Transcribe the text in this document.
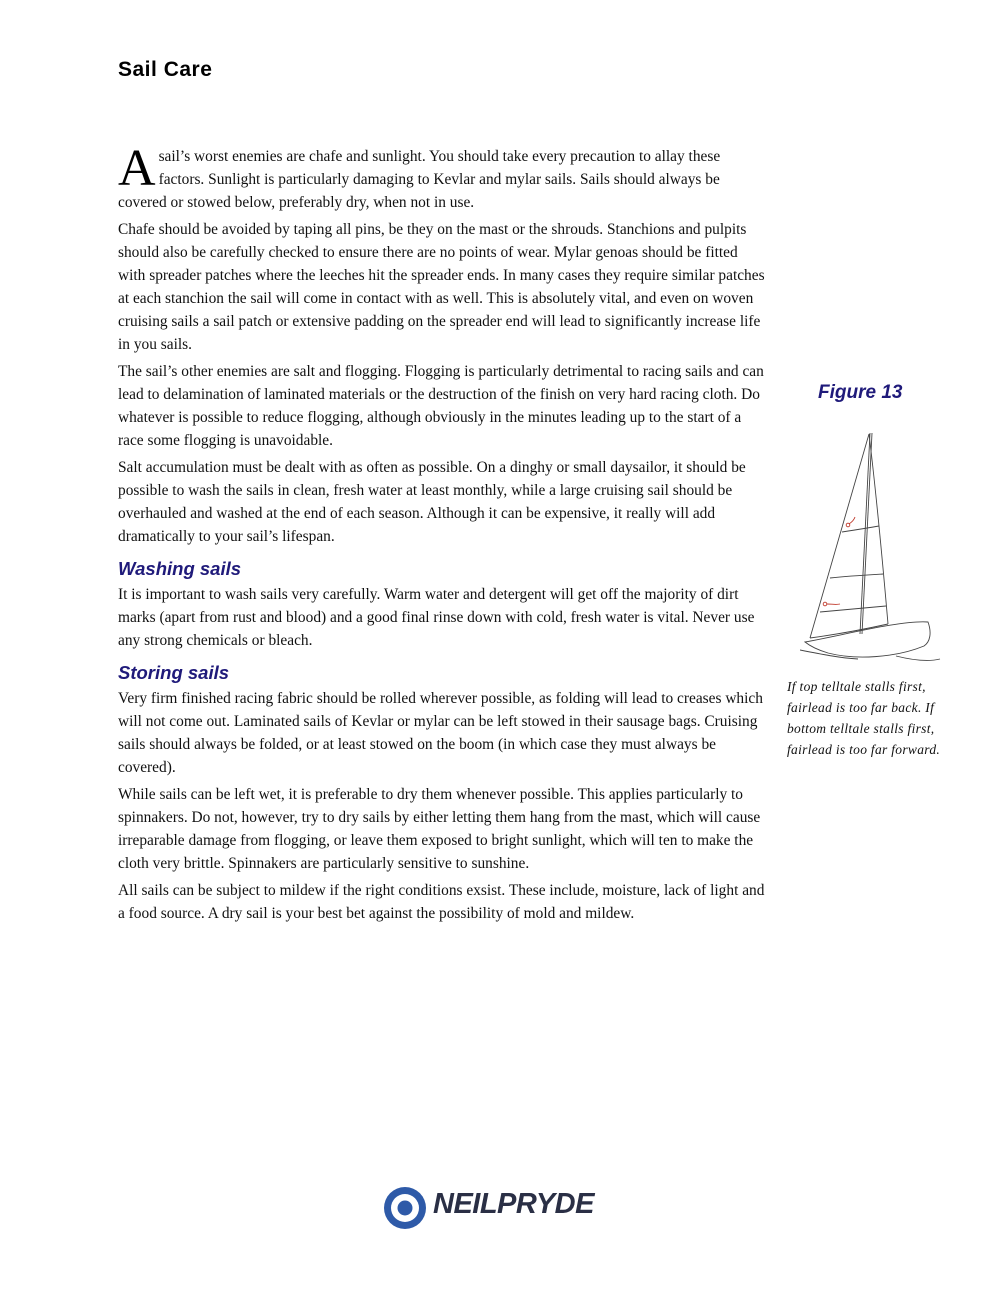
Sail Care

Asail’s worst enemies are chafe and sunlight. You should take every precaution to allay these factors. Sunlight is particularly damaging to Kevlar and mylar sails. Sails should always be covered or stowed below, preferably dry, when not in use.

Chafe should be avoided by taping all pins, be they on the mast or the shrouds. Stanchions and pulpits should also be carefully checked to ensure there are no points of wear. Mylar genoas should be fitted with spreader patches where the leeches hit the spreader ends. In many cases they require similar patches at each stanchion the sail will come in contact with as well. This is absolutely vital, and even on woven cruising sails a sail patch or extensive padding on the spreader end will lead to significantly increase life in you sails.

The sail’s other enemies are salt and flogging. Flogging is particularly detrimental to racing sails and can lead to delamination of laminated materials or the destruction of the finish on very hard racing cloth. Do whatever is possible to reduce flogging, although obviously in the minutes leading up to the start of a race some flogging is unavoidable.

Salt accumulation must be dealt with as often as possible. On a dinghy or small daysailor, it should be possible to wash the sails in clean, fresh water at least monthly, while a large cruising sail should be overhauled and washed at the end of each season. Although it can be expensive, it really will add dramatically to your sail’s lifespan.

Washing sails

It is important to wash sails very carefully. Warm water and detergent will get off the majority of dirt marks (apart from rust and blood) and a good final rinse down with cold, fresh water is vital. Never use any strong chemicals or bleach.

Storing sails

Very firm finished racing fabric should be rolled wherever possible, as folding will lead to creases which will not come out. Laminated sails of Kevlar or mylar can be left stowed in their sausage bags. Cruising sails should always be folded, or at least stowed on the boom (in which case they must always be covered).

While sails can be left wet, it is preferable to dry them whenever possible. This applies particularly to spinnakers. Do not, however, try to dry sails by either letting them hang from the mast, which will cause irreparable damage from flogging, or leave them exposed to bright sunlight, which will ten to make the cloth very brittle. Spinnakers are particularly sensitive to sunshine.

All sails can be subject to mildew if the right conditions exsist. These include, moisture, lack of light and a food source. A dry sail is your best bet against the possibility of mold and mildew.

Figure 13

If top telltale stalls first, fairlead is too far back. If bottom telltale stalls first, fairlead is too far forward.

NEILPRYDE
